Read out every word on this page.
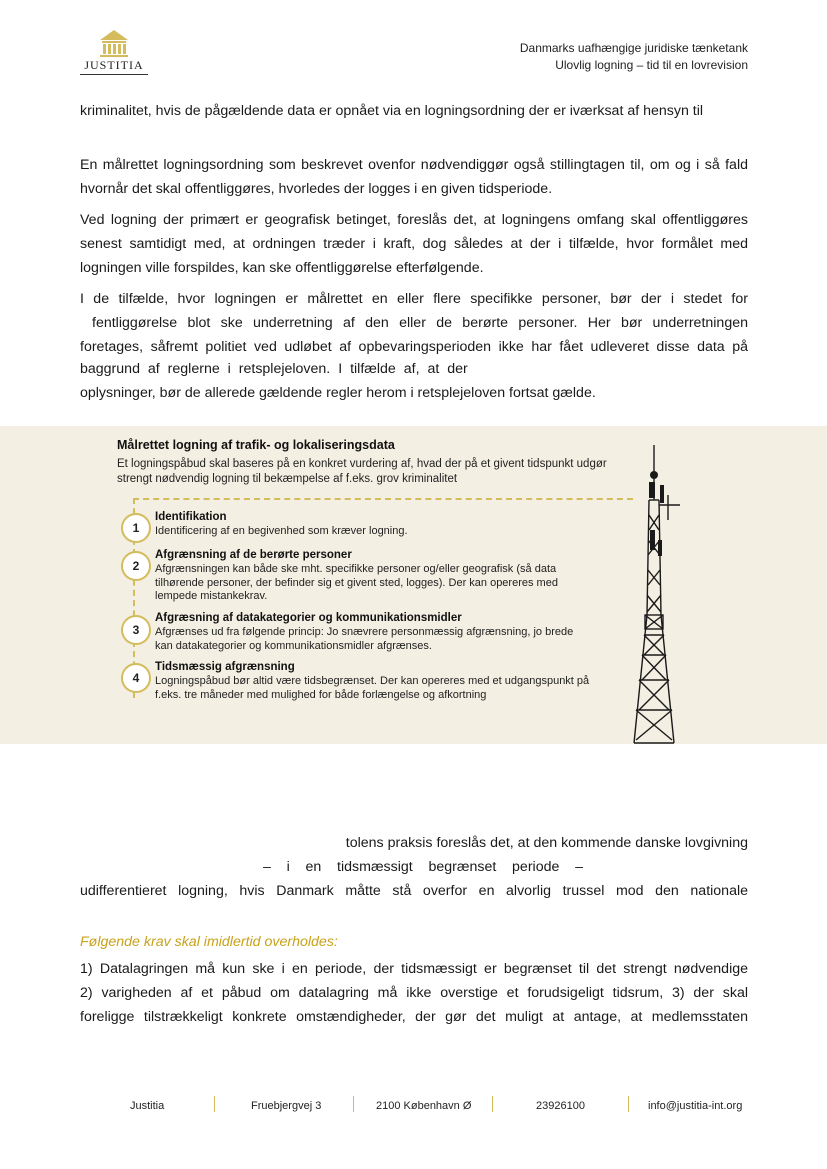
JUSTITIA
Danmarks uafhængige juridiske tænketank
Ulovlig logning – tid til en lovrevision
kriminalitet, hvis de pågældende data er opnået via en logningsordning der er iværksat af hensyn til
En målrettet logningsordning som beskrevet ovenfor nødvendiggør også stillingtagen til, om og i så fald hvornår det skal offentliggøres, hvorledes der logges i en given tidsperiode.
Ved logning der primært er geografisk betinget, foreslås det, at logningens omfang skal offentliggøres senest samtidigt med, at ordningen træder i kraft, dog således at der i tilfælde, hvor formålet med logningen ville forspildes, kan ske offentliggørelse efterfølgende.
I de tilfælde, hvor logningen er målrettet en eller flere specifikke personer, bør der i stedet for
fentliggørelse blot ske underretning af den eller de berørte personer. Her bør underretningen
foretages, såfremt politiet ved udløbet af opbevaringsperioden ikke har fået udleveret disse data på
baggrund af reglerne i retsplejeloven. I tilfælde af, at der
oplysninger, bør de allerede gældende regler herom i retsplejeloven fortsat gælde.
Målrettet logning af trafik- og lokaliseringsdata
Et logningspåbud skal baseres på en konkret vurdering af, hvad der på et givent tidspunkt udgør strengt nødvendig logning til bekæmpelse af f.eks. grov kriminalitet
1
Identifikation
Identificering af en begivenhed som kræver logning.
2
Afgrænsning af de berørte personer
Afgrænsningen kan både ske mht. specifikke personer og/eller geografisk (så data tilhørende personer, der befinder sig et givent sted, logges). Der kan opereres med lempede mistankekrav.
3
Afgræsning af datakategorier og kommunikationsmidler
Afgrænses ud fra følgende princip: Jo snævrere personmæssig afgrænsning, jo brede kan datakategorier og kommunikationsmidler afgrænses.
4
Tidsmæssig afgrænsning
Logningspåbud bør altid være tidsbegrænset. Der kan opereres med et udgangspunkt på f.eks. tre måneder med mulighed for både forlængelse og afkortning
tolens praksis foreslås det, at den kommende danske lovgivning
– i en tidsmæssigt begrænset periode –
udifferentieret logning, hvis Danmark måtte stå overfor en alvorlig trussel mod den nationale
Følgende krav skal imidlertid overholdes:
1) Datalagringen må kun ske i en periode, der tidsmæssigt er begrænset til det strengt nødvendige
2) varigheden af et påbud om datalagring må ikke overstige et forudsigeligt tidsrum, 3) der skal
foreligge tilstrækkeligt konkrete omstændigheder, der gør det muligt at antage, at medlemsstaten
Justitia	Fruebjergvej 3	2100 København Ø	23926100	info@justitia-int.org
